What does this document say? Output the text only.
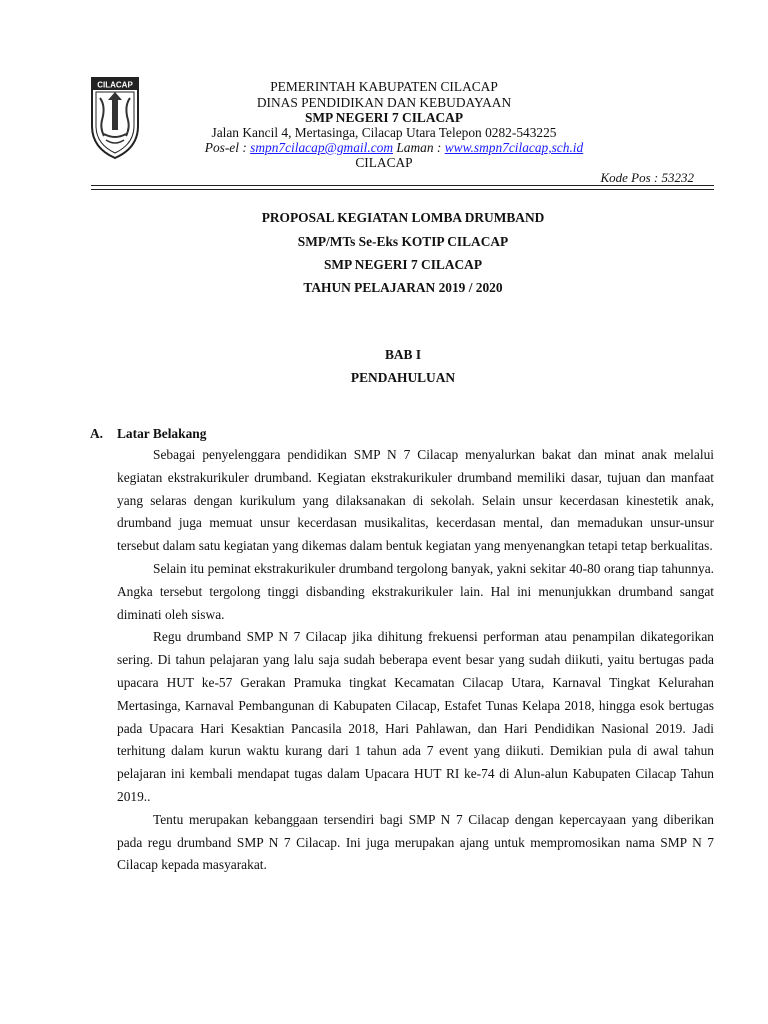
CILACAP	PEMERINTAH KABUPATEN CILACAP
DINAS PENDIDIKAN DAN KEBUDAYAAN
SMP NEGERI 7 CILACAP
Jalan Kancil 4, Mertasinga, Cilacap Utara Telepon 0282-543225
Pos-el : smpn7cilacap@gmail.com Laman : www.smpn7cilacap,sch.id
CILACAP
Kode Pos : 53232
PROPOSAL KEGIATAN LOMBA DRUMBAND
SMP/MTs Se-Eks KOTIP CILACAP
SMP NEGERI 7 CILACAP
TAHUN PELAJARAN 2019 / 2020
BAB I
PENDAHULUAN
A. Latar Belakang

Sebagai penyelenggara pendidikan SMP N 7 Cilacap menyalurkan bakat dan minat anak melalui kegiatan ekstrakurikuler drumband. Kegiatan ekstrakurikuler drumband memiliki dasar, tujuan dan manfaat yang selaras dengan kurikulum yang dilaksanakan di sekolah. Selain unsur kecerdasan kinestetik anak, drumband juga memuat unsur kecerdasan musikalitas, kecerdasan mental, dan memadukan unsur-unsur tersebut dalam satu kegiatan yang dikemas dalam bentuk kegiatan yang menyenangkan tetapi tetap berkualitas.

Selain itu peminat ekstrakurikuler drumband tergolong banyak, yakni sekitar 40-80 orang tiap tahunnya. Angka tersebut tergolong tinggi disbanding ekstrakurikuler lain. Hal ini menunjukkan drumband sangat diminati oleh siswa.

Regu drumband SMP N 7 Cilacap jika dihitung frekuensi performan atau penampilan dikategorikan sering. Di tahun pelajaran yang lalu saja sudah beberapa event besar yang sudah diikuti, yaitu bertugas pada upacara HUT ke-57 Gerakan Pramuka tingkat Kecamatan Cilacap Utara, Karnaval Tingkat Kelurahan Mertasinga, Karnaval Pembangunan di Kabupaten Cilacap, Estafet Tunas Kelapa 2018, hingga esok bertugas pada Upacara Hari Kesaktian Pancasila 2018, Hari Pahlawan, dan Hari Pendidikan Nasional 2019. Jadi terhitung dalam kurun waktu kurang dari 1 tahun ada 7 event yang diikuti. Demikian pula di awal tahun pelajaran ini kembali mendapat tugas dalam Upacara HUT RI ke-74 di Alun-alun Kabupaten Cilacap Tahun 2019..

Tentu merupakan kebanggaan tersendiri bagi SMP N 7 Cilacap dengan kepercayaan yang diberikan pada regu drumband SMP N 7 Cilacap. Ini juga merupakan ajang untuk mempromosikan nama SMP N 7 Cilacap kepada masyarakat.
